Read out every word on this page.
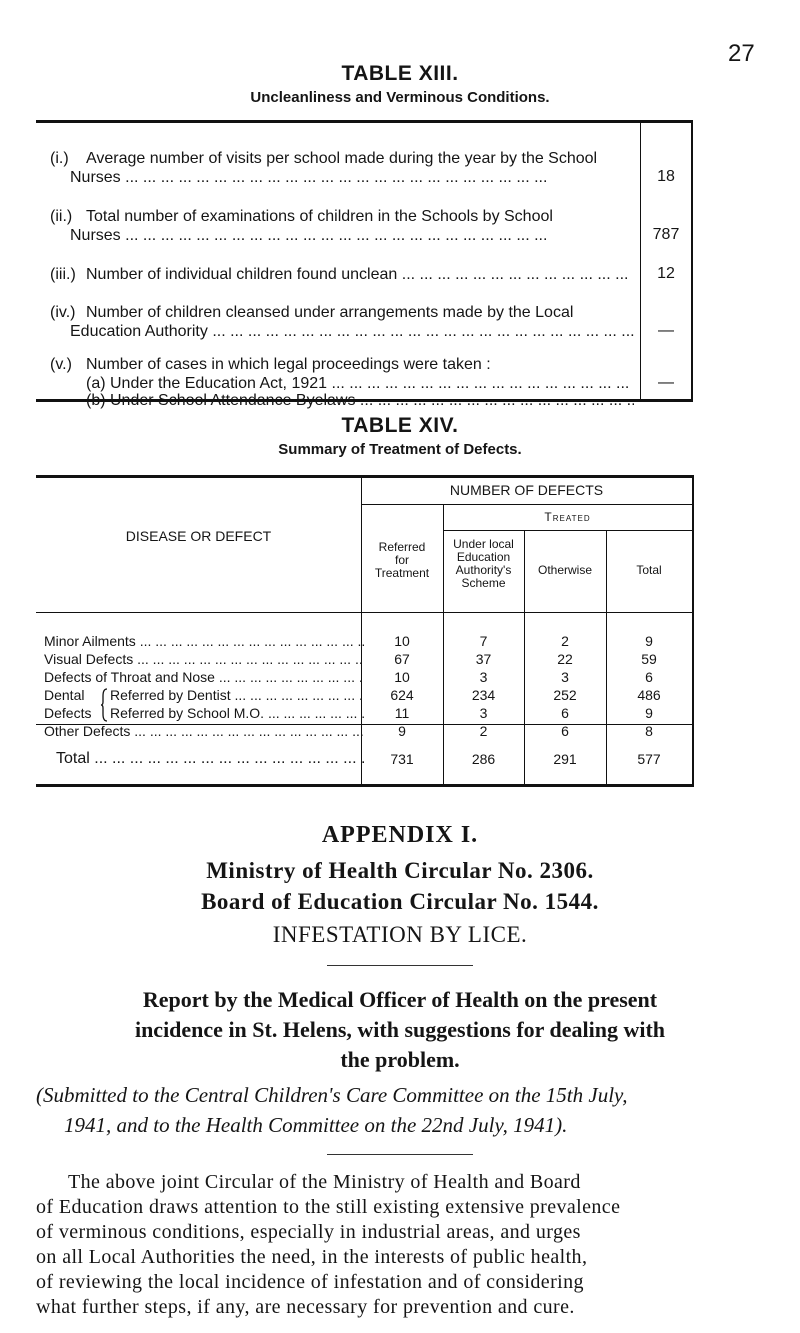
27
TABLE XIII.
Uncleanliness and Verminous Conditions.
(i.) Average number of visits per school made during the year by the School
Nurses ... .	18
(ii.) Total number of examinations of children in the Schools by School
Nurses ... .	787
(iii.) Number of individual children found unclean ... .	12
(iv.) Number of children cleansed under arrangements made by the Local
Education Authority ... .	—
(v.) Number of cases in which legal proceedings were taken :
(a) Under the Education Act, 1921 ... .	—
(b) Under School Attendance Byelaws ... .	—
TABLE XIV.
Summary of Treatment of Defects.
DISEASE OR DEFECT
NUMBER OF DEFECTS
Treated
Referred
for
Treatment
Under local
Education
Authority's
Scheme
Otherwise	Total
Minor Ailments ... .	10	7	2	9
Visual Defects ... .	67	37	22	59
Defects of Throat and Nose ... .	10	3	3	6
Dental
Defects
Referred by Dentist ... .	624	234	252	486
Referred by School M.O. ... .	11	3	6	9
Other Defects ... .	9	2	6	8
Total ... .	731	286	291	577
APPENDIX I.
Ministry of Health Circular No. 2306.
Board of Education Circular No. 1544.
INFESTATION BY LICE.
Report by the Medical Officer of Health on the present
incidence in St. Helens, with suggestions for dealing with
the problem.
(Submitted to the Central Children's Care Committee on the 15th July,
1941, and to the Health Committee on the 22nd July, 1941).
The above joint Circular of the Ministry of Health and Board
of Education draws attention to the still existing extensive prevalence
of verminous conditions, especially in industrial areas, and urges
on all Local Authorities the need, in the interests of public health,
of reviewing the local incidence of infestation and of considering
what further steps, if any, are necessary for prevention and cure.
